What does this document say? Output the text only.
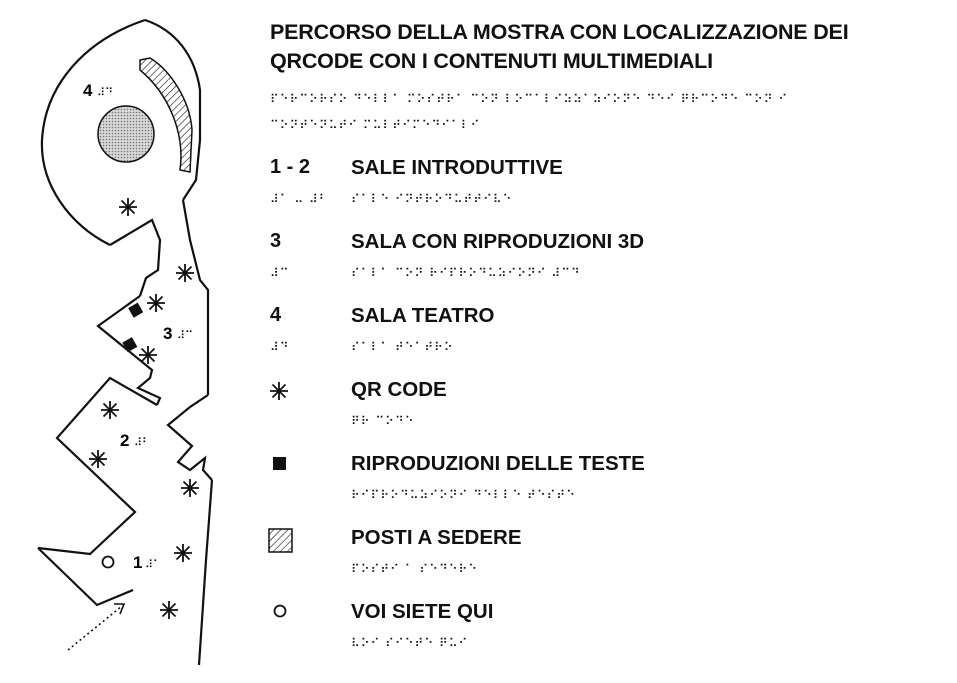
4 ⠼⠙
3 ⠼⠉
2 ⠼⠃
1 ⠼⠁
PERCORSO DELLA MOSTRA CON LOCALIZZAZIONE DEI
QRCODE CON I CONTENUTI MULTIMEDIALI
⠏⠑⠗⠉⠕⠗⠎⠕ ⠙⠑⠇⠇⠁ ⠍⠕⠎⠞⠗⠁ ⠉⠕⠝ ⠇⠕⠉⠁⠇⠊⠵⠵⠁⠵⠊⠕⠝⠑ ⠙⠑⠊ ⠟⠗⠉⠕⠙⠑ ⠉⠕⠝ ⠊
⠉⠕⠝⠞⠑⠝⠥⠞⠊ ⠍⠥⠇⠞⠊⠍⠑⠙⠊⠁⠇⠊
1 - 2 SALE INTRODUTTIVE
⠼⠁ ⠤ ⠼⠃ ⠎⠁⠇⠑ ⠊⠝⠞⠗⠕⠙⠥⠞⠞⠊⠧⠑
3	SALA CON RIPRODUZIONI 3D
⠼⠉	⠎⠁⠇⠁ ⠉⠕⠝ ⠗⠊⠏⠗⠕⠙⠥⠵⠊⠕⠝⠊ ⠼⠉⠙
4	SALA TEATRO
⠼⠙	⠎⠁⠇⠁ ⠞⠑⠁⠞⠗⠕
QR CODE
⠟⠗ ⠉⠕⠙⠑
RIPRODUZIONI DELLE TESTE
⠗⠊⠏⠗⠕⠙⠥⠵⠊⠕⠝⠊ ⠙⠑⠇⠇⠑ ⠞⠑⠎⠞⠑
POSTI A SEDERE
⠏⠕⠎⠞⠊ ⠁ ⠎⠑⠙⠑⠗⠑
VOI SIETE QUI
⠧⠕⠊ ⠎⠊⠑⠞⠑ ⠟⠥⠊
